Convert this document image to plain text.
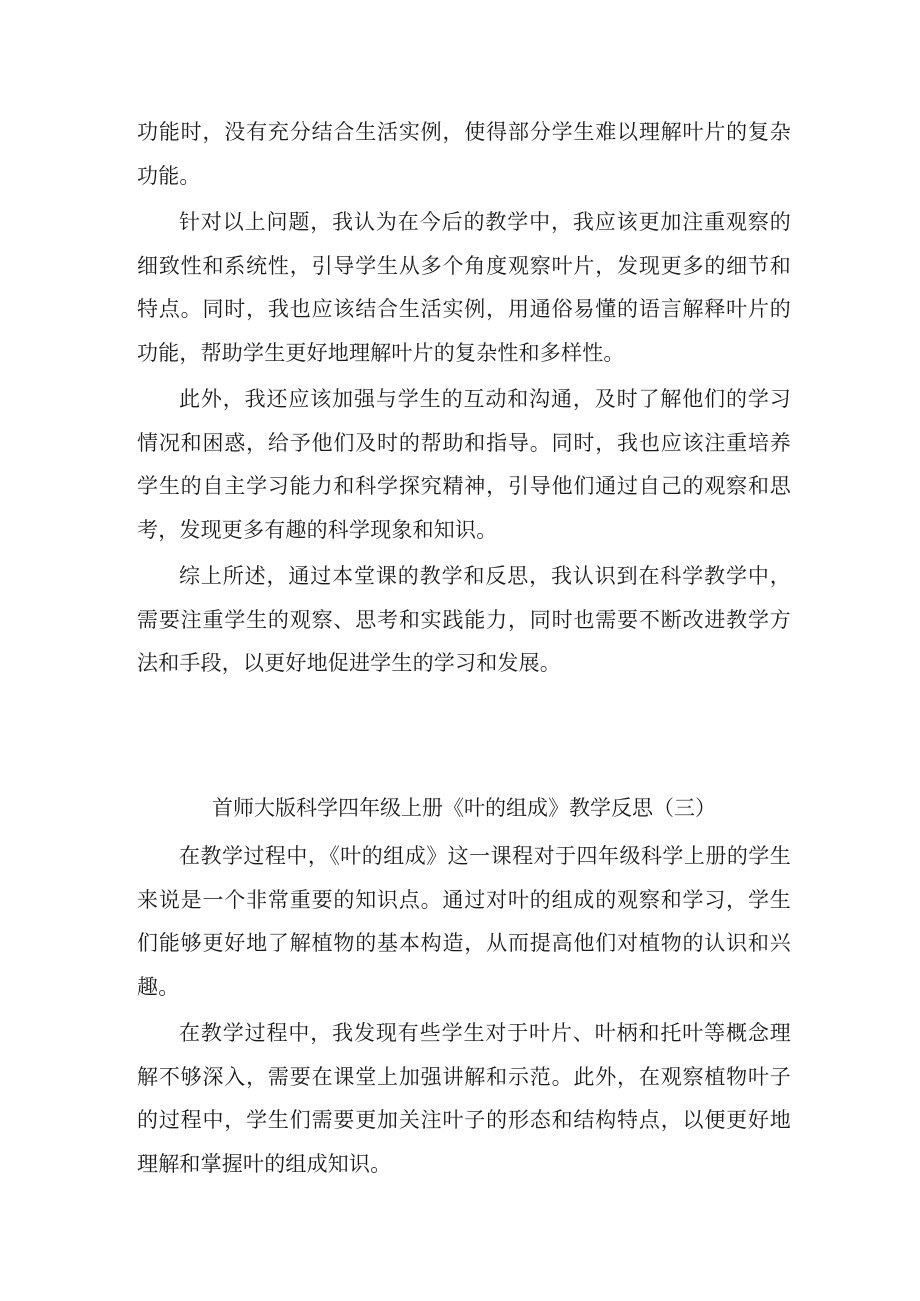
功能时，没有充分结合生活实例，使得部分学生难以理解叶片的复杂功能。

针对以上问题，我认为在今后的教学中，我应该更加注重观察的细致性和系统性，引导学生从多个角度观察叶片，发现更多的细节和特点。同时，我也应该结合生活实例，用通俗易懂的语言解释叶片的功能，帮助学生更好地理解叶片的复杂性和多样性。

此外，我还应该加强与学生的互动和沟通，及时了解他们的学习情况和困惑，给予他们及时的帮助和指导。同时，我也应该注重培养学生的自主学习能力和科学探究精神，引导他们通过自己的观察和思考，发现更多有趣的科学现象和知识。

综上所述，通过本堂课的教学和反思，我认识到在科学教学中，需要注重学生的观察、思考和实践能力，同时也需要不断改进教学方法和手段，以更好地促进学生的学习和发展。

首师大版科学四年级上册《叶的组成》教学反思（三）

在教学过程中，《叶的组成》这一课程对于四年级科学上册的学生来说是一个非常重要的知识点。通过对叶的组成的观察和学习，学生们能够更好地了解植物的基本构造，从而提高他们对植物的认识和兴趣。

在教学过程中，我发现有些学生对于叶片、叶柄和托叶等概念理解不够深入，需要在课堂上加强讲解和示范。此外，在观察植物叶子的过程中，学生们需要更加关注叶子的形态和结构特点，以便更好地理解和掌握叶的组成知识。
